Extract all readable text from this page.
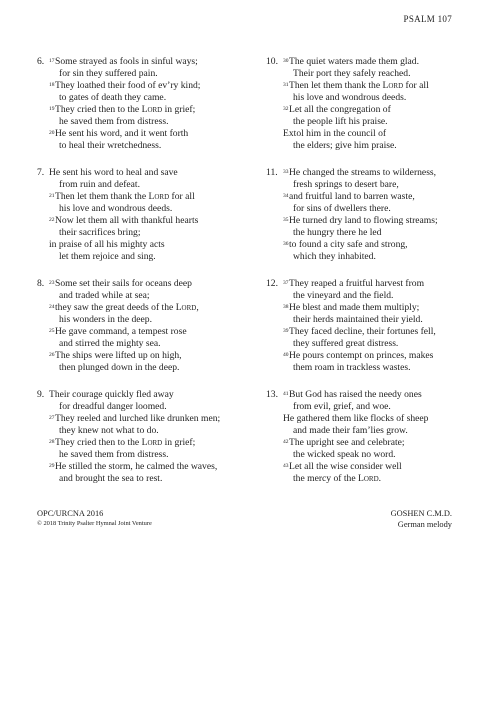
PSALM 107
6. $^{17}$Some strayed as fools in sinful ways;
for sin they suffered pain.
$^{18}$They loathed their food of ev’ry kind;
to gates of death they came.
$^{19}$They cried then to the Lord in grief;
he saved them from distress.
$^{20}$He sent his word, and it went forth
to heal their wretchedness.
7. He sent his word to heal and save
from ruin and defeat.
$^{21}$Then let them thank the Lord for all
his love and wondrous deeds.
$^{22}$Now let them all with thankful hearts
their sacrifices bring;
in praise of all his mighty acts
let them rejoice and sing.
8. $^{23}$Some set their sails for oceans deep
and traded while at sea;
$^{24}$they saw the great deeds of the Lord,
his wonders in the deep.
$^{25}$He gave command, a tempest rose
and stirred the mighty sea.
$^{26}$The ships were lifted up on high,
then plunged down in the deep.
9. Their courage quickly fled away
for dreadful danger loomed.
$^{27}$They reeled and lurched like drunken men;
they knew not what to do.
$^{28}$They cried then to the Lord in grief;
he saved them from distress.
$^{29}$He stilled the storm, he calmed the waves,
and brought the sea to rest.
10. $^{30}$The quiet waters made them glad.
Their port they safely reached.
$^{31}$Then let them thank the Lord for all
his love and wondrous deeds.
$^{32}$Let all the congregation of
the people lift his praise.
Extol him in the council of
the elders; give him praise.
11. $^{33}$He changed the streams to wilderness,
fresh springs to desert bare,
$^{34}$and fruitful land to barren waste,
for sins of dwellers there.
$^{35}$He turned dry land to flowing streams;
the hungry there he led
$^{36}$to found a city safe and strong,
which they inhabited.
12. $^{37}$They reaped a fruitful harvest from
the vineyard and the field.
$^{38}$He blest and made them multiply;
their herds maintained their yield.
$^{39}$They faced decline, their fortunes fell,
they suffered great distress.
$^{40}$He pours contempt on princes, makes
them roam in trackless wastes.
13. $^{41}$But God has raised the needy ones
from evil, grief, and woe.
He gathered them like flocks of sheep
and made their fam’lies grow.
$^{42}$The upright see and celebrate;
the wicked speak no word.
$^{43}$Let all the wise consider well
the mercy of the Lord.
OPC/URCNA 2016
© 2018 Trinity Psalter Hymnal Joint Venture
GOSHEN C.M.D.
German melody
